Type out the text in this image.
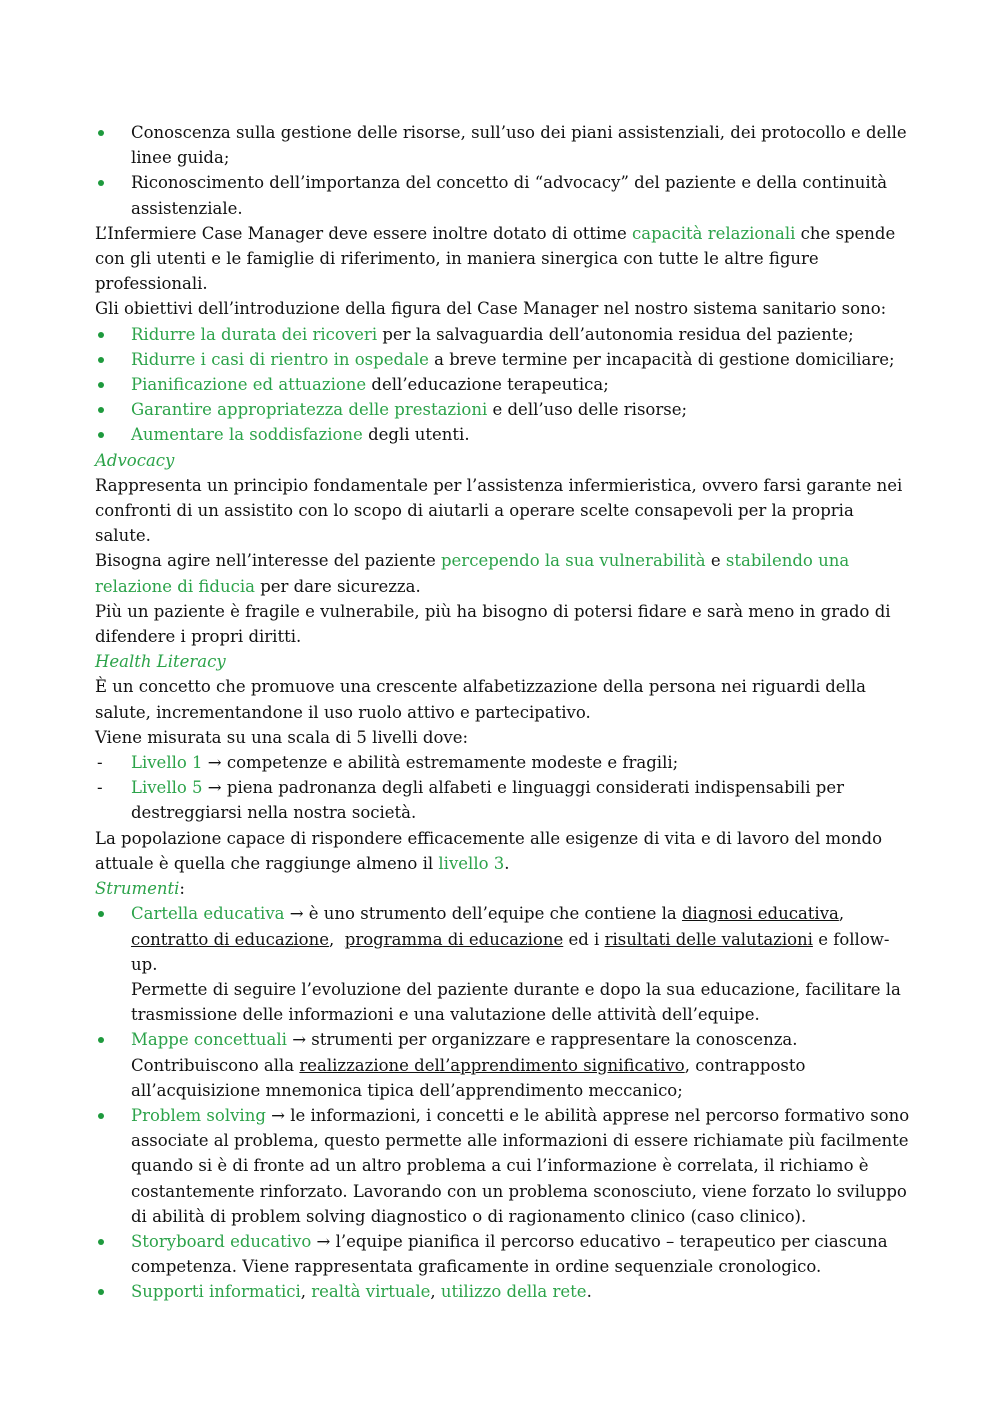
Conoscenza sulla gestione delle risorse, sull’uso dei piani assistenziali, dei protocollo e delle linee guida;
Riconoscimento dell’importanza del concetto di “advocacy” del paziente e della continuità assistenziale.

L’Infermiere Case Manager deve essere inoltre dotato di ottime capacità relazionali che spende con gli utenti e le famiglie di riferimento, in maniera sinergica con tutte le altre figure professionali.

Gli obiettivi dell’introduzione della figura del Case Manager nel nostro sistema sanitario sono:

Ridurre la durata dei ricoveri per la salvaguardia dell’autonomia residua del paziente;
Ridurre i casi di rientro in ospedale a breve termine per incapacità di gestione domiciliare;
Pianificazione ed attuazione dell’educazione terapeutica;
Garantire appropriatezza delle prestazioni e dell’uso delle risorse;
Aumentare la soddisfazione degli utenti.

Advocacy

Rappresenta un principio fondamentale per l’assistenza infermieristica, ovvero farsi garante nei confronti di un assistito con lo scopo di aiutarli a operare scelte consapevoli per la propria salute.

Bisogna agire nell’interesse del paziente percependo la sua vulnerabilità e stabilendo una relazione di fiducia per dare sicurezza.

Più un paziente è fragile e vulnerabile, più ha bisogno di potersi fidare e sarà meno in grado di difendere i propri diritti.

Health Literacy

È un concetto che promuove una crescente alfabetizzazione della persona nei riguardi della salute, incrementandone il uso ruolo attivo e partecipativo.

Viene misurata su una scala di 5 livelli dove:

- Livello 1 → competenze e abilità estremamente modeste e fragili;
- Livello 5 → piena padronanza degli alfabeti e linguaggi considerati indispensabili per destreggiarsi nella nostra società.

La popolazione capace di rispondere efficacemente alle esigenze di vita e di lavoro del mondo attuale è quella che raggiunge almeno il livello 3.

Strumenti:

Cartella educativa → è uno strumento dell’equipe che contiene la diagnosi educativa, contratto di educazione,  programma di educazione ed i risultati delle valutazioni e follow-up.
Permette di seguire l’evoluzione del paziente durante e dopo la sua educazione, facilitare la trasmissione delle informazioni e una valutazione delle attività dell’equipe.
Mappe concettuali → strumenti per organizzare e rappresentare la conoscenza. Contribuiscono alla realizzazione dell’apprendimento significativo, contrapposto all’acquisizione mnemonica tipica dell’apprendimento meccanico;
Problem solving → le informazioni, i concetti e le abilità apprese nel percorso formativo sono associate al problema, questo permette alle informazioni di essere richiamate più facilmente quando si è di fronte ad un altro problema a cui l’informazione è correlata, il richiamo è costantemente rinforzato. Lavorando con un problema sconosciuto, viene forzato lo sviluppo di abilità di problem solving diagnostico o di ragionamento clinico (caso clinico).
Storyboard educativo → l’equipe pianifica il percorso educativo – terapeutico per ciascuna competenza. Viene rappresentata graficamente in ordine sequenziale cronologico.
Supporti informatici, realtà virtuale, utilizzo della rete.
